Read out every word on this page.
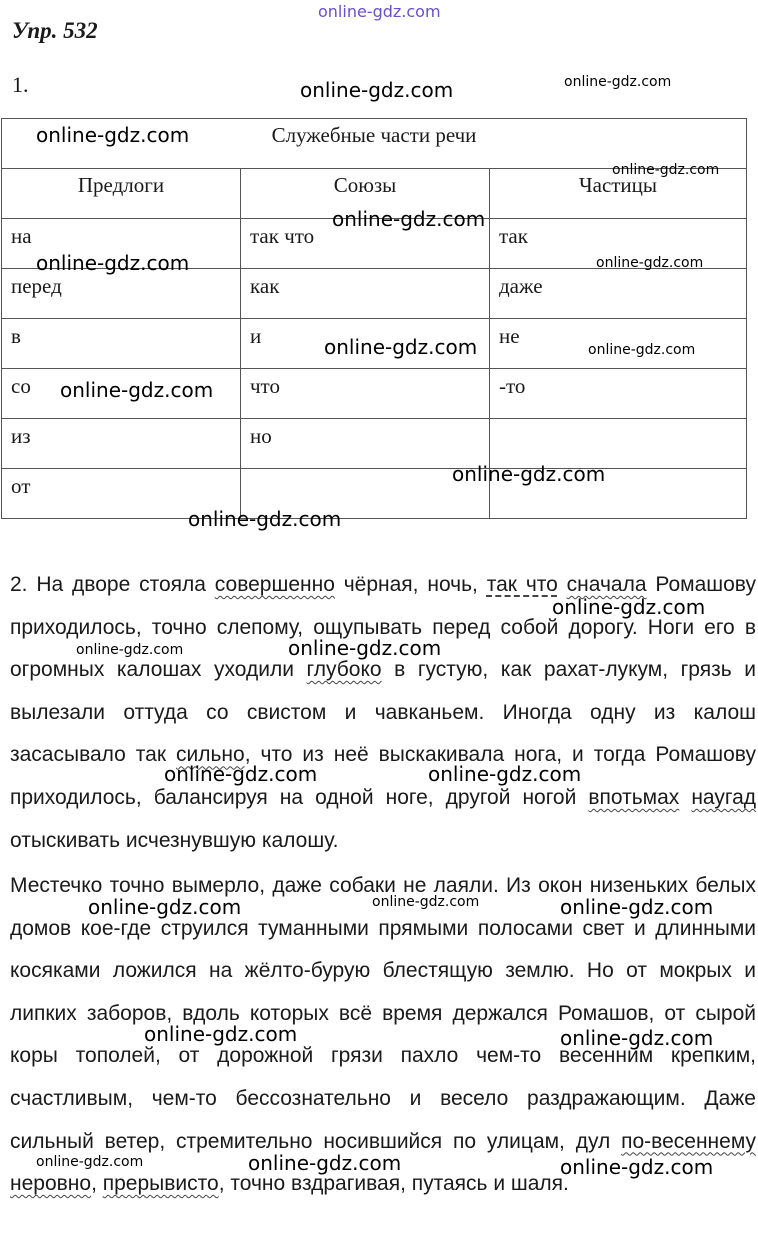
online-gdz.com
Упр. 532
1.
Служебные части речи		
Предлоги	Союзы	Частицы
на	так что	так
перед	как	даже
в	и	не
со	что	-то
из	но	
от		

2. На дворе стояла совершенно чёрная, ночь, так что сначала Ромашову приходилось, точно слепому, ощупывать перед собой дорогу. Ноги его в огромных калошах уходили глубоко в густую, как рахат-лукум, грязь и вылезали оттуда со свистом и чавканьем. Иногда одну из калош засасывало так сильно, что из неё выскакивала нога, и тогда Ромашову приходилось, балансируя на одной ноге, другой ногой впотьмах наугад отыскивать исчезнувшую калошу.

Местечко точно вымерло, даже собаки не лаяли. Из окон низеньких белых домов кое-где струился туманными прямыми полосами свет и длинными косяками ложился на жёлто-бурую блестящую землю. Но от мокрых и липких заборов, вдоль которых всё время держался Ромашов, от сырой коры тополей, от дорожной грязи пахло чем-то весенним крепким, счастливым, чем-то бессознательно и весело раздражающим. Даже сильный ветер, стремительно носившийся по улицам, дул по-весеннему неровно, прерывисто, точно вздрагивая, путаясь и шаля.

online-gdz.com	online-gdz.com
online-gdz.com
online-gdz.com
online-gdz.com
online-gdz.com	online-gdz.com
online-gdz.com	online-gdz.com
online-gdz.com
online-gdz.com
online-gdz.com
online-gdz.com
online-gdz.com
online-gdz.com
online-gdz.com	online-gdz.com
online-gdz.com
online-gdz.com	online-gdz.com
online-gdz.com	online-gdz.com
online-gdz.com	online-gdz.com	online-gdz.com
